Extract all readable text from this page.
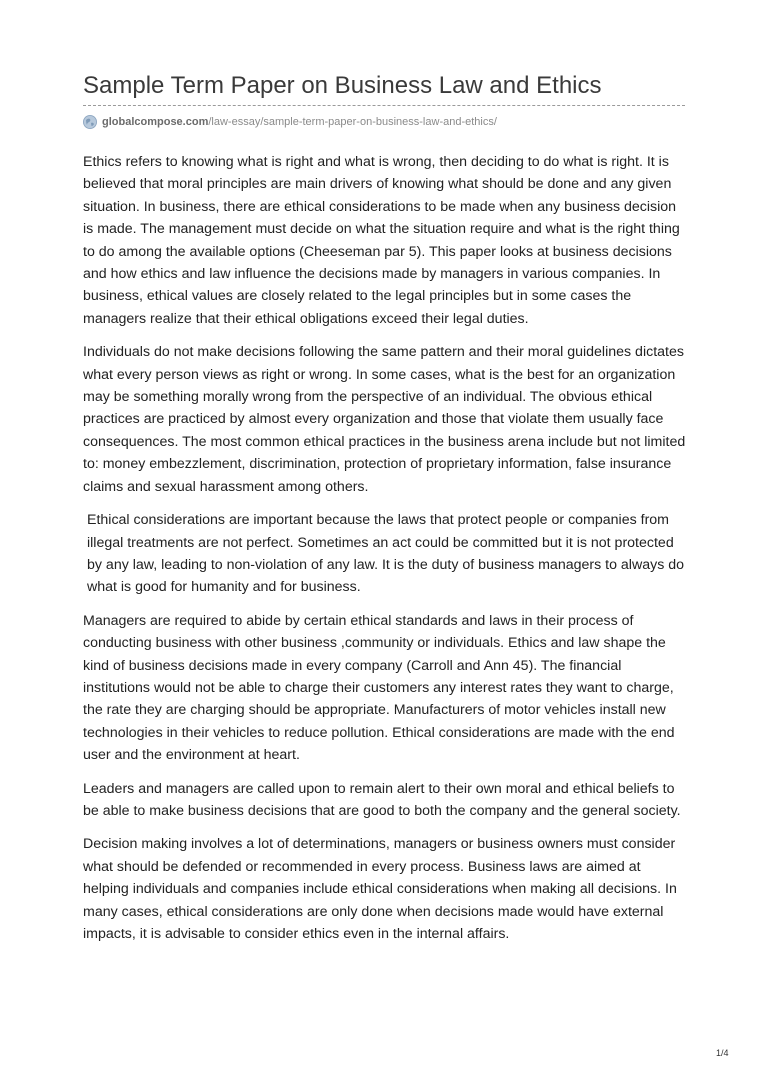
Sample Term Paper on Business Law and Ethics
globalcompose.com /law-essay/sample-term-paper-on-business-law-and-ethics/

Ethics refers to knowing what is right and what is wrong, then deciding to do what is right. It is believed that moral principles are main drivers of knowing what should be done and any given situation. In business, there are ethical considerations to be made when any business decision is made. The management must decide on what the situation require and what is the right thing to do among the available options (Cheeseman par 5). This paper looks at business decisions and how ethics and law influence the decisions made by managers in various companies. In business, ethical values are closely related to the legal principles but in some cases the managers realize that their ethical obligations exceed their legal duties.

Individuals do not make decisions following the same pattern and their moral guidelines dictates what every person views as right or wrong. In some cases, what is the best for an organization may be something morally wrong from the perspective of an individual. The obvious ethical practices are practiced by almost every organization and those that violate them usually face consequences. The most common ethical practices in the business arena include but not limited to: money embezzlement, discrimination, protection of proprietary information, false insurance claims and sexual harassment among others.

Ethical considerations are important because the laws that protect people or companies from illegal treatments are not perfect. Sometimes an act could be committed but it is not protected by any law, leading to non-violation of any law. It is the duty of business managers to always do what is good for humanity and for business.

Managers are required to abide by certain ethical standards and laws in their process of conducting business with other business ,community or individuals. Ethics and law shape the kind of business decisions made in every company (Carroll and Ann 45). The financial institutions would not be able to charge their customers any interest rates they want to charge, the rate they are charging should be appropriate. Manufacturers of motor vehicles install new technologies in their vehicles to reduce pollution. Ethical considerations are made with the end user and the environment at heart.

Leaders and managers are called upon to remain alert to their own moral and ethical beliefs to be able to make business decisions that are good to both the company and the general society.

Decision making involves a lot of determinations, managers or business owners must consider what should be defended or recommended in every process. Business laws are aimed at helping individuals and companies include ethical considerations when making all decisions. In many cases, ethical considerations are only done when decisions made would have external impacts, it is advisable to consider ethics even in the internal affairs.

1/4
